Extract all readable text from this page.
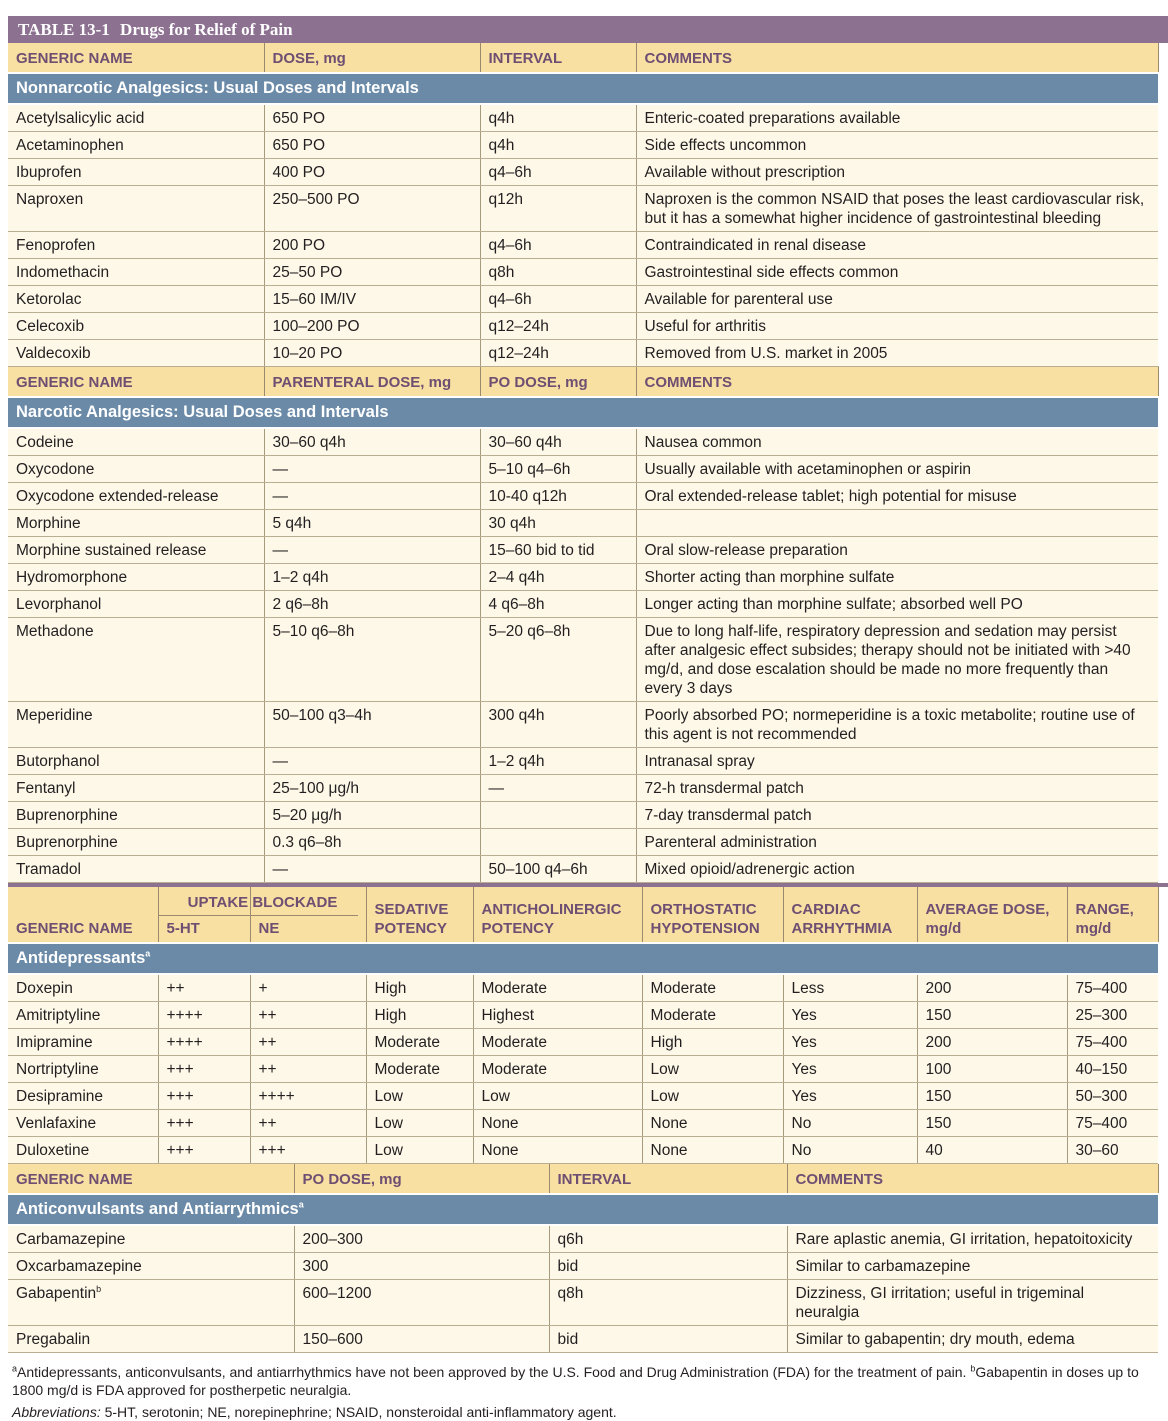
TABLE 13-1 Drugs for Relief of Pain
GENERIC NAME	DOSE, mg	INTERVAL	COMMENTS
Nonnarcotic Analgesics: Usual Doses and Intervals			
Acetylsalicylic acid	650 PO	q4h	Enteric-coated preparations available
Acetaminophen	650 PO	q4h	Side effects uncommon
Ibuprofen	400 PO	q4–6h	Available without prescription
Naproxen	250–500 PO	q12h	Naproxen is the common NSAID that poses the least cardiovascular risk, but it has a somewhat higher incidence of gastrointestinal bleeding
Fenoprofen	200 PO	q4–6h	Contraindicated in renal disease
Indomethacin	25–50 PO	q8h	Gastrointestinal side effects common
Ketorolac	15–60 IM/IV	q4–6h	Available for parenteral use
Celecoxib	100–200 PO	q12–24h	Useful for arthritis
Valdecoxib	10–20 PO	q12–24h	Removed from U.S. market in 2005
GENERIC NAME	PARENTERAL DOSE, mg	PO DOSE, mg	COMMENTS
Narcotic Analgesics: Usual Doses and Intervals			
Codeine	30–60 q4h	30–60 q4h	Nausea common
Oxycodone	—	5–10 q4–6h	Usually available with acetaminophen or aspirin
Oxycodone extended-release	—	10-40 q12h	Oral extended-release tablet; high potential for misuse
Morphine	5 q4h	30 q4h	
Morphine sustained release	—	15–60 bid to tid	Oral slow-release preparation
Hydromorphone	1–2 q4h	2–4 q4h	Shorter acting than morphine sulfate
Levorphanol	2 q6–8h	4 q6–8h	Longer acting than morphine sulfate; absorbed well PO
Methadone	5–10 q6–8h	5–20 q6–8h	Due to long half-life, respiratory depression and sedation may persist after analgesic effect subsides; therapy should not be initiated with >40 mg/d, and dose escalation should be made no more frequently than every 3 days
Meperidine	50–100 q3–4h	300 q4h	Poorly absorbed PO; normeperidine is a toxic metabolite; routine use of this agent is not recommended
Butorphanol	—	1–2 q4h	Intranasal spray
Fentanyl	25–100 μg/h	—	72-h transdermal patch
Buprenorphine	5–20 μg/h		7-day transdermal patch
Buprenorphine	0.3 q6–8h		Parenteral administration
Tramadol	—	50–100 q4–6h	Mixed opioid/adrenergic action
GENERIC NAME	UPTAKE BLOCKADE
5-HT	NE	SEDATIVE POTENCY	ANTICHOLINERGIC POTENCY	ORTHOSTATIC HYPOTENSION	CARDIAC ARRHYTHMIA	AVERAGE DOSE, mg/d	RANGE, mg/d
Antidepressants$^a$
Doxepin	++	+	High	Moderate	Moderate	Less	200	75–400
Amitriptyline	++++	++	High	Highest	Moderate	Yes	150	25–300
Imipramine	++++	++	Moderate	Moderate	High	Yes	200	75–400
Nortriptyline	+++	++	Moderate	Moderate	Low	Yes	100	40–150
Desipramine	+++	++++	Low	Low	Low	Yes	150	50–300
Venlafaxine	+++	++	Low	None	None	No	150	75–400
Duloxetine	+++	+++	Low	None	None	No	40	30–60
GENERIC NAME	PO DOSE, mg	INTERVAL	COMMENTS
Anticonvulsants and Antiarrythmics$^a$
Carbamazepine	200–300	q6h	Rare aplastic anemia, GI irritation, hepatoitoxicity
Oxcarbamazepine	300	bid	Similar to carbamazepine
Gabapentin$^b$	600–1200	q8h	Dizziness, GI irritation; useful in trigeminal neuralgia
Pregabalin	150–600	bid	Similar to gabapentin; dry mouth, edema

$^a$Antidepressants, anticonvulsants, and antiarrhythmics have not been approved by the U.S. Food and Drug Administration (FDA) for the treatment of pain. $^b$Gabapentin in doses up to 1800 mg/d is FDA approved for postherpetic neuralgia.

Abbreviations: 5-HT, serotonin; NE, norepinephrine; NSAID, nonsteroidal anti-inflammatory agent.
